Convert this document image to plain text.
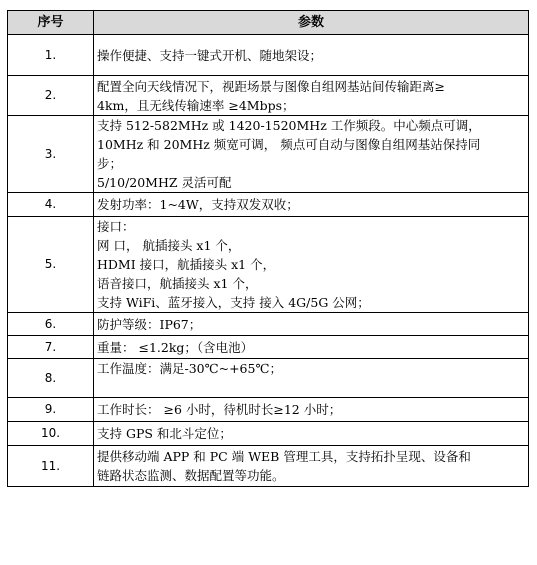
序号	参数
1.	操作便捷、支持一键式开机、随地架设；

2.	配置全向天线情况下，视距场景与图像自组网基站间传输距离≥
4km，且无线传输速率 ≥4Mbps；

3.	支持 512-582MHz 或 1420-1520MHz 工作频段。中心频点可调，
10MHz 和 20MHz 频宽可调， 频点可自动与图像自组网基站保持同
步；
5/10/20MHZ 灵活可配

4.	发射功率：1~4W，支持双发双收；

5.	接口：
网 口， 航插接头 x1 个，
HDMI 接口，航插接头 x1 个，
语音接口，航插接头 x1 个，
支持 WiFi、蓝牙接入，支持 接入 4G/5G 公网；

6.	防护等级：IP67；

7.	重量： ≤1.2kg；（含电池）

8.	工作温度：满足-30℃~+65℃；

9.	工作时长： ≥6 小时，待机时长≥12 小时；

10.	支持 GPS 和北斗定位；

11.	提供移动端 APP 和 PC 端 WEB 管理工具，支持拓扑呈现、设备和
链路状态监测、数据配置等功能。
